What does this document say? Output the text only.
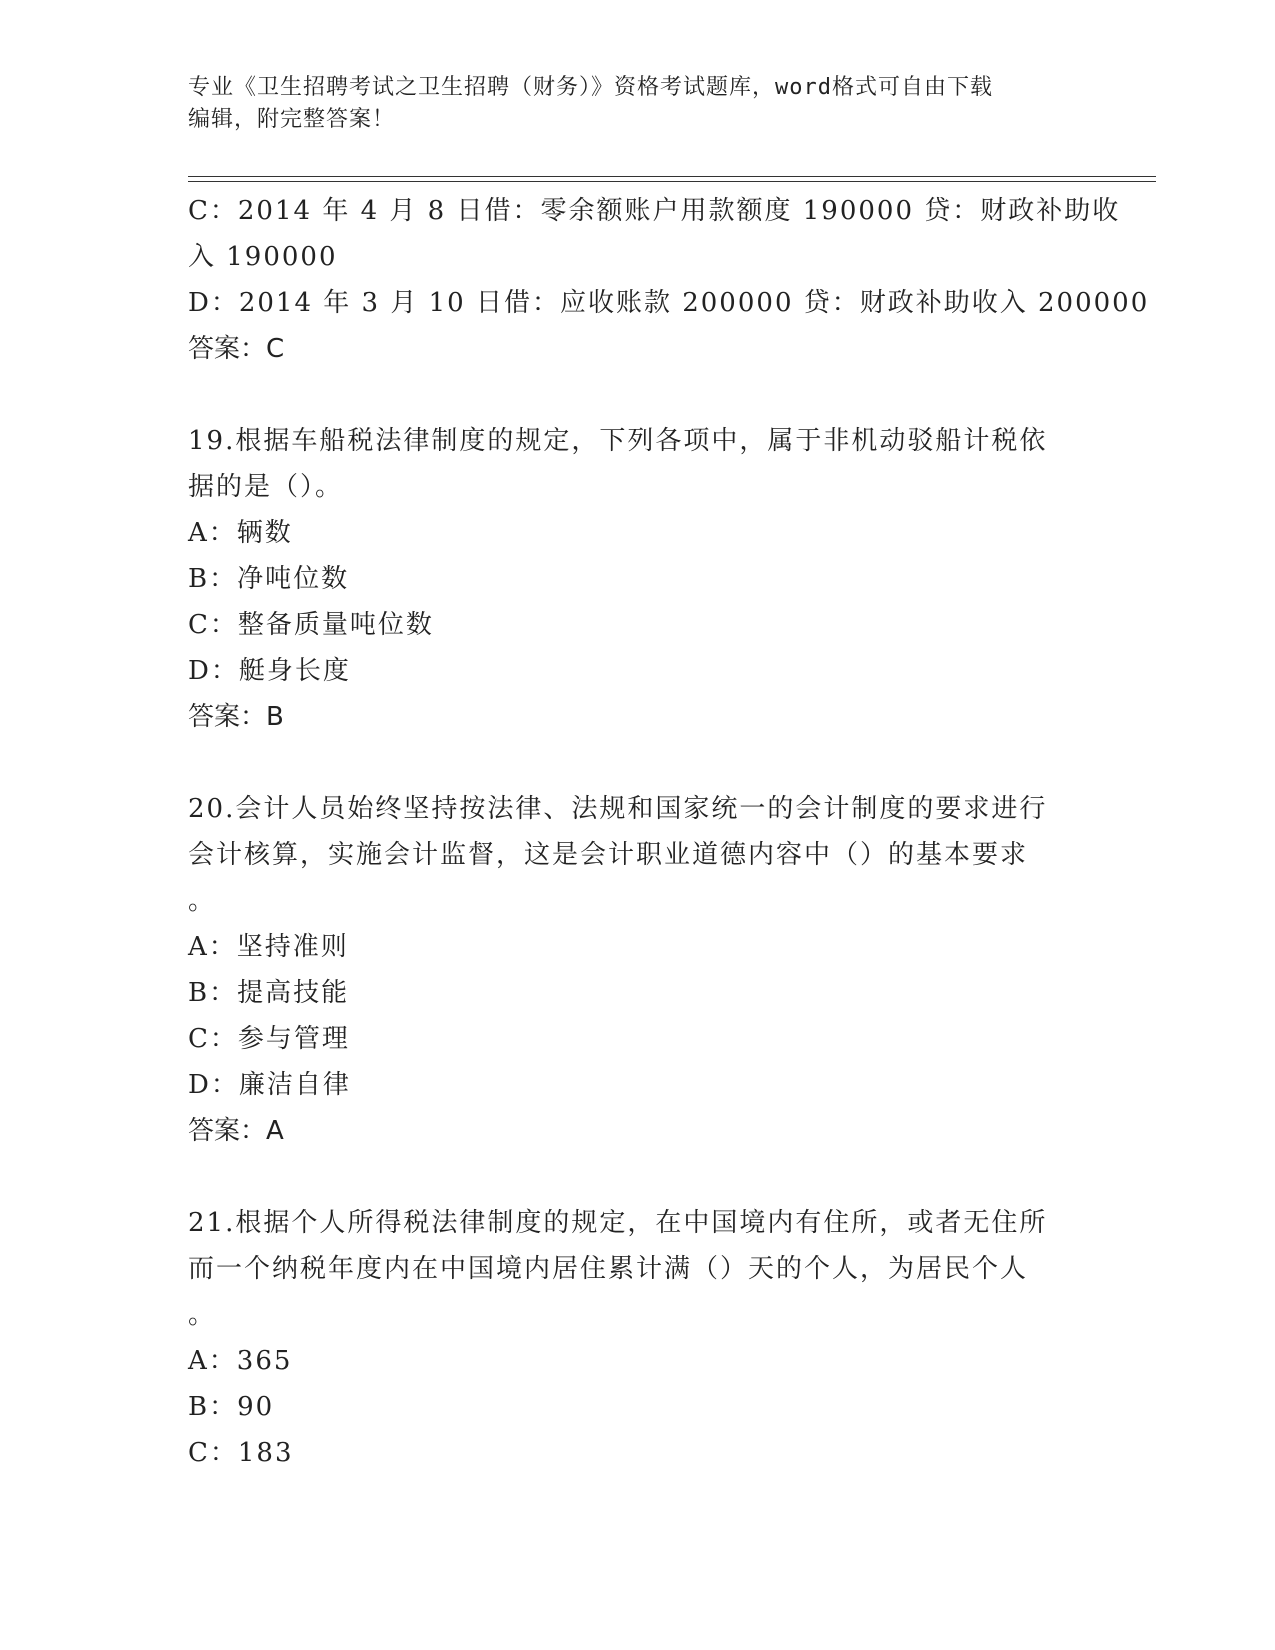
专业《卫生招聘考试之卫生招聘（财务）》资格考试题库，word格式可自由下载
编辑，附完整答案！
C：2014 年 4 月 8 日借：零余额账户用款额度 190000 贷：财政补助收
入 190000
D：2014 年 3 月 10 日借：应收账款 200000 贷：财政补助收入 200000
答案：C
19.根据车船税法律制度的规定，下列各项中，属于非机动驳船计税依
据的是（）。
A：辆数
B：净吨位数
C：整备质量吨位数
D：艇身长度
答案：B
20.会计人员始终坚持按法律、法规和国家统一的会计制度的要求进行
会计核算，实施会计监督，这是会计职业道德内容中（）的基本要求
。
A：坚持准则
B：提高技能
C：参与管理
D：廉洁自律
答案：A
21.根据个人所得税法律制度的规定，在中国境内有住所，或者无住所
而一个纳税年度内在中国境内居住累计满（）天的个人，为居民个人
。
A：365
B：90
C：183
